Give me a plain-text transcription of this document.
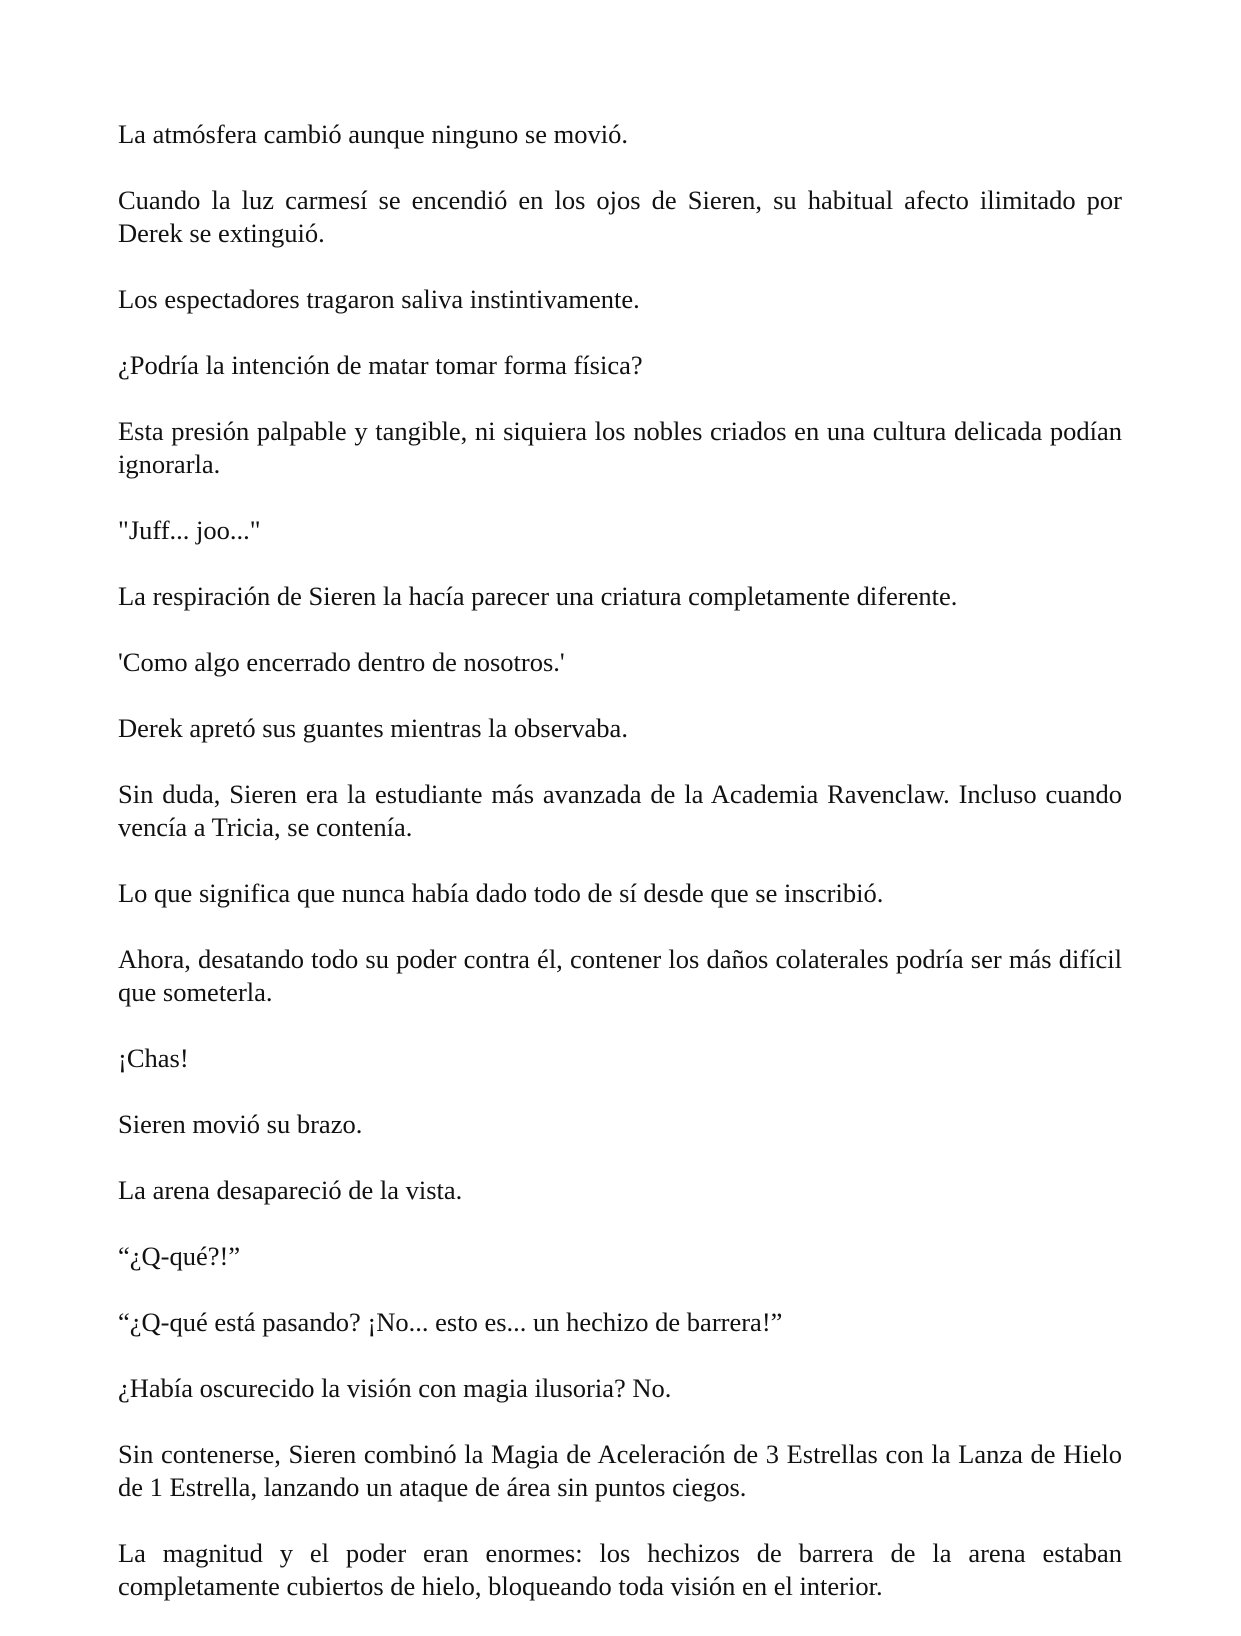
La atmósfera cambió aunque ninguno se movió.

Cuando la luz carmesí se encendió en los ojos de Sieren, su habitual afecto ilimitado por Derek se extinguió.

Los espectadores tragaron saliva instintivamente.

¿Podría la intención de matar tomar forma física?

Esta presión palpable y tangible, ni siquiera los nobles criados en una cultura delicada podían ignorarla.

"Juff... joo..."

La respiración de Sieren la hacía parecer una criatura completamente diferente.

'Como algo encerrado dentro de nosotros.'

Derek apretó sus guantes mientras la observaba.

Sin duda, Sieren era la estudiante más avanzada de la Academia Ravenclaw. Incluso cuando vencía a Tricia, se contenía.

Lo que significa que nunca había dado todo de sí desde que se inscribió.

Ahora, desatando todo su poder contra él, contener los daños colaterales podría ser más difícil que someterla.

¡Chas!

Sieren movió su brazo.

La arena desapareció de la vista.

“¿Q-qué?!”

“¿Q-qué está pasando? ¡No... esto es... un hechizo de barrera!”

¿Había oscurecido la visión con magia ilusoria? No.

Sin contenerse, Sieren combinó la Magia de Aceleración de 3 Estrellas con la Lanza de Hielo de 1 Estrella, lanzando un ataque de área sin puntos ciegos.

La magnitud y el poder eran enormes: los hechizos de barrera de la arena estaban completamente cubiertos de hielo, bloqueando toda visión en el interior.
